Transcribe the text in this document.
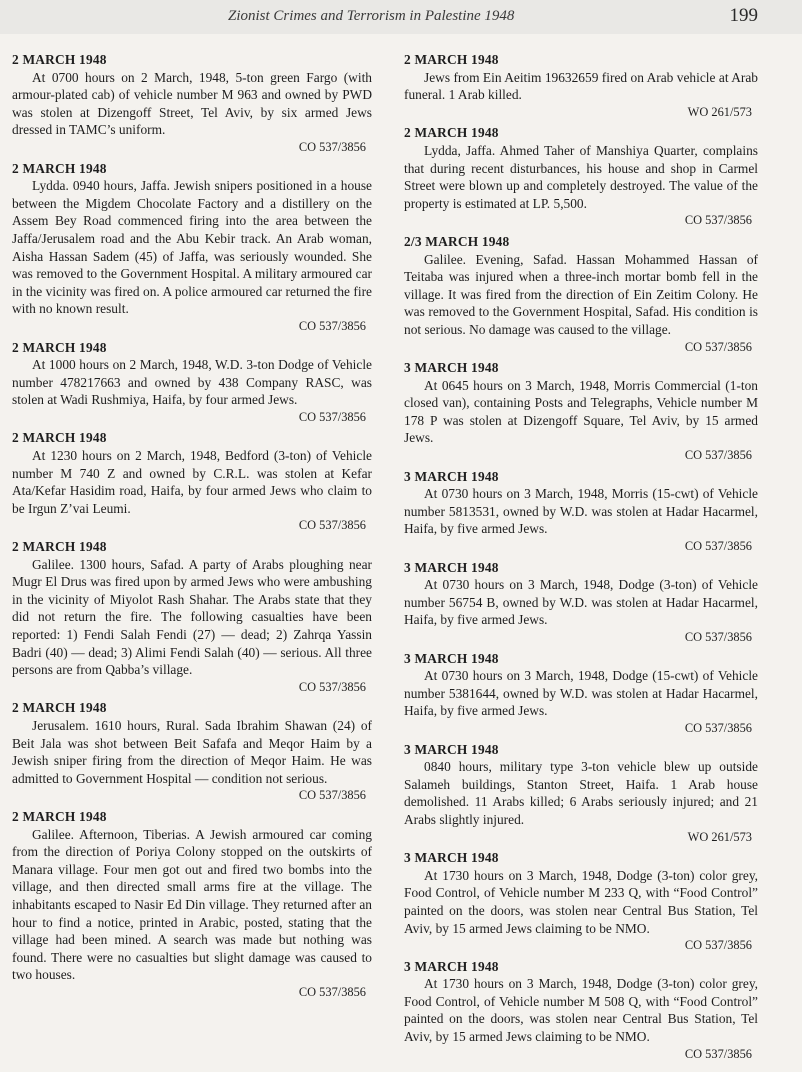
Zionist Crimes and Terrorism in Palestine 1948	199
2 MARCH 1948
At 0700 hours on 2 March, 1948, 5-ton green Fargo (with armour-plated cab) of vehicle number M 963 and owned by PWD was stolen at Dizengoff Street, Tel Aviv, by six armed Jews dressed in TAMC’s uniform.
CO 537/3856
2 MARCH 1948
Lydda. 0940 hours, Jaffa. Jewish snipers positioned in a house between the Migdem Chocolate Factory and a distillery on the Assem Bey Road commenced firing into the area between the Jaffa/Jerusalem road and the Abu Kebir track. An Arab woman, Aisha Hassan Sadem (45) of Jaffa, was seriously wounded. She was removed to the Government Hospital. A military armoured car in the vicinity was fired on. A police armoured car returned the fire with no known result.
CO 537/3856
2 MARCH 1948
At 1000 hours on 2 March, 1948, W.D. 3-ton Dodge of Vehicle number 478217663 and owned by 438 Company RASC, was stolen at Wadi Rushmiya, Haifa, by four armed Jews.
CO 537/3856
2 MARCH 1948
At 1230 hours on 2 March, 1948, Bedford (3-ton) of Vehicle number M 740 Z and owned by C.R.L. was stolen at Kefar Ata/Kefar Hasidim road, Haifa, by four armed Jews who claim to be Irgun Z’vai Leumi.
CO 537/3856
2 MARCH 1948
Galilee. 1300 hours, Safad. A party of Arabs ploughing near Mugr El Drus was fired upon by armed Jews who were ambushing in the vicinity of Miyolot Rash Shahar. The Arabs state that they did not return the fire. The following casualties have been reported: 1) Fendi Salah Fendi (27) — dead; 2) Zahrqa Yassin Badri (40) — dead; 3) Alimi Fendi Salah (40) — serious. All three persons are from Qabba’s village.
CO 537/3856
2 MARCH 1948
Jerusalem. 1610 hours, Rural. Sada Ibrahim Shawan (24) of Beit Jala was shot between Beit Safafa and Meqor Haim by a Jewish sniper firing from the direction of Meqor Haim. He was admitted to Government Hospital — condition not serious.
CO 537/3856
2 MARCH 1948
Galilee. Afternoon, Tiberias. A Jewish armoured car coming from the direction of Poriya Colony stopped on the outskirts of Manara village. Four men got out and fired two bombs into the village, and then directed small arms fire at the village. The inhabitants escaped to Nasir Ed Din village. They returned after an hour to find a notice, printed in Arabic, posted, stating that the village had been mined. A search was made but nothing was found. There were no casualties but slight damage was caused to two houses.
CO 537/3856
2 MARCH 1948
Jews from Ein Aeitim 19632659 fired on Arab vehicle at Arab funeral. 1 Arab killed.
WO 261/573
2 MARCH 1948
Lydda, Jaffa. Ahmed Taher of Manshiya Quarter, complains that during recent disturbances, his house and shop in Carmel Street were blown up and completely destroyed. The value of the property is estimated at LP. 5,500.
CO 537/3856
2/3 MARCH 1948
Galilee. Evening, Safad. Hassan Mohammed Hassan of Teitaba was injured when a three-inch mortar bomb fell in the village. It was fired from the direction of Ein Zeitim Colony. He was removed to the Government Hospital, Safad. His condition is not serious. No damage was caused to the village.
CO 537/3856
3 MARCH 1948
At 0645 hours on 3 March, 1948, Morris Commercial (1-ton closed van), containing Posts and Telegraphs, Vehicle number M 178 P was stolen at Dizengoff Square, Tel Aviv, by 15 armed Jews.
CO 537/3856
3 MARCH 1948
At 0730 hours on 3 March, 1948, Morris (15-cwt) of Vehicle number 5813531, owned by W.D. was stolen at Hadar Hacarmel, Haifa, by five armed Jews.
CO 537/3856
3 MARCH 1948
At 0730 hours on 3 March, 1948, Dodge (3-ton) of Vehicle number 56754 B, owned by W.D. was stolen at Hadar Hacarmel, Haifa, by five armed Jews.
CO 537/3856
3 MARCH 1948
At 0730 hours on 3 March, 1948, Dodge (15-cwt) of Vehicle number 5381644, owned by W.D. was stolen at Hadar Hacarmel, Haifa, by five armed Jews.
CO 537/3856
3 MARCH 1948
0840 hours, military type 3-ton vehicle blew up outside Salameh buildings, Stanton Street, Haifa. 1 Arab house demolished. 11 Arabs killed; 6 Arabs seriously injured; and 21 Arabs slightly injured.
WO 261/573
3 MARCH 1948
At 1730 hours on 3 March, 1948, Dodge (3-ton) color grey, Food Control, of Vehicle number M 233 Q, with “Food Control” painted on the doors, was stolen near Central Bus Station, Tel Aviv, by 15 armed Jews claiming to be NMO.
CO 537/3856
3 MARCH 1948
At 1730 hours on 3 March, 1948, Dodge (3-ton) color grey, Food Control, of Vehicle number M 508 Q, with “Food Control” painted on the doors, was stolen near Central Bus Station, Tel Aviv, by 15 armed Jews claiming to be NMO.
CO 537/3856
